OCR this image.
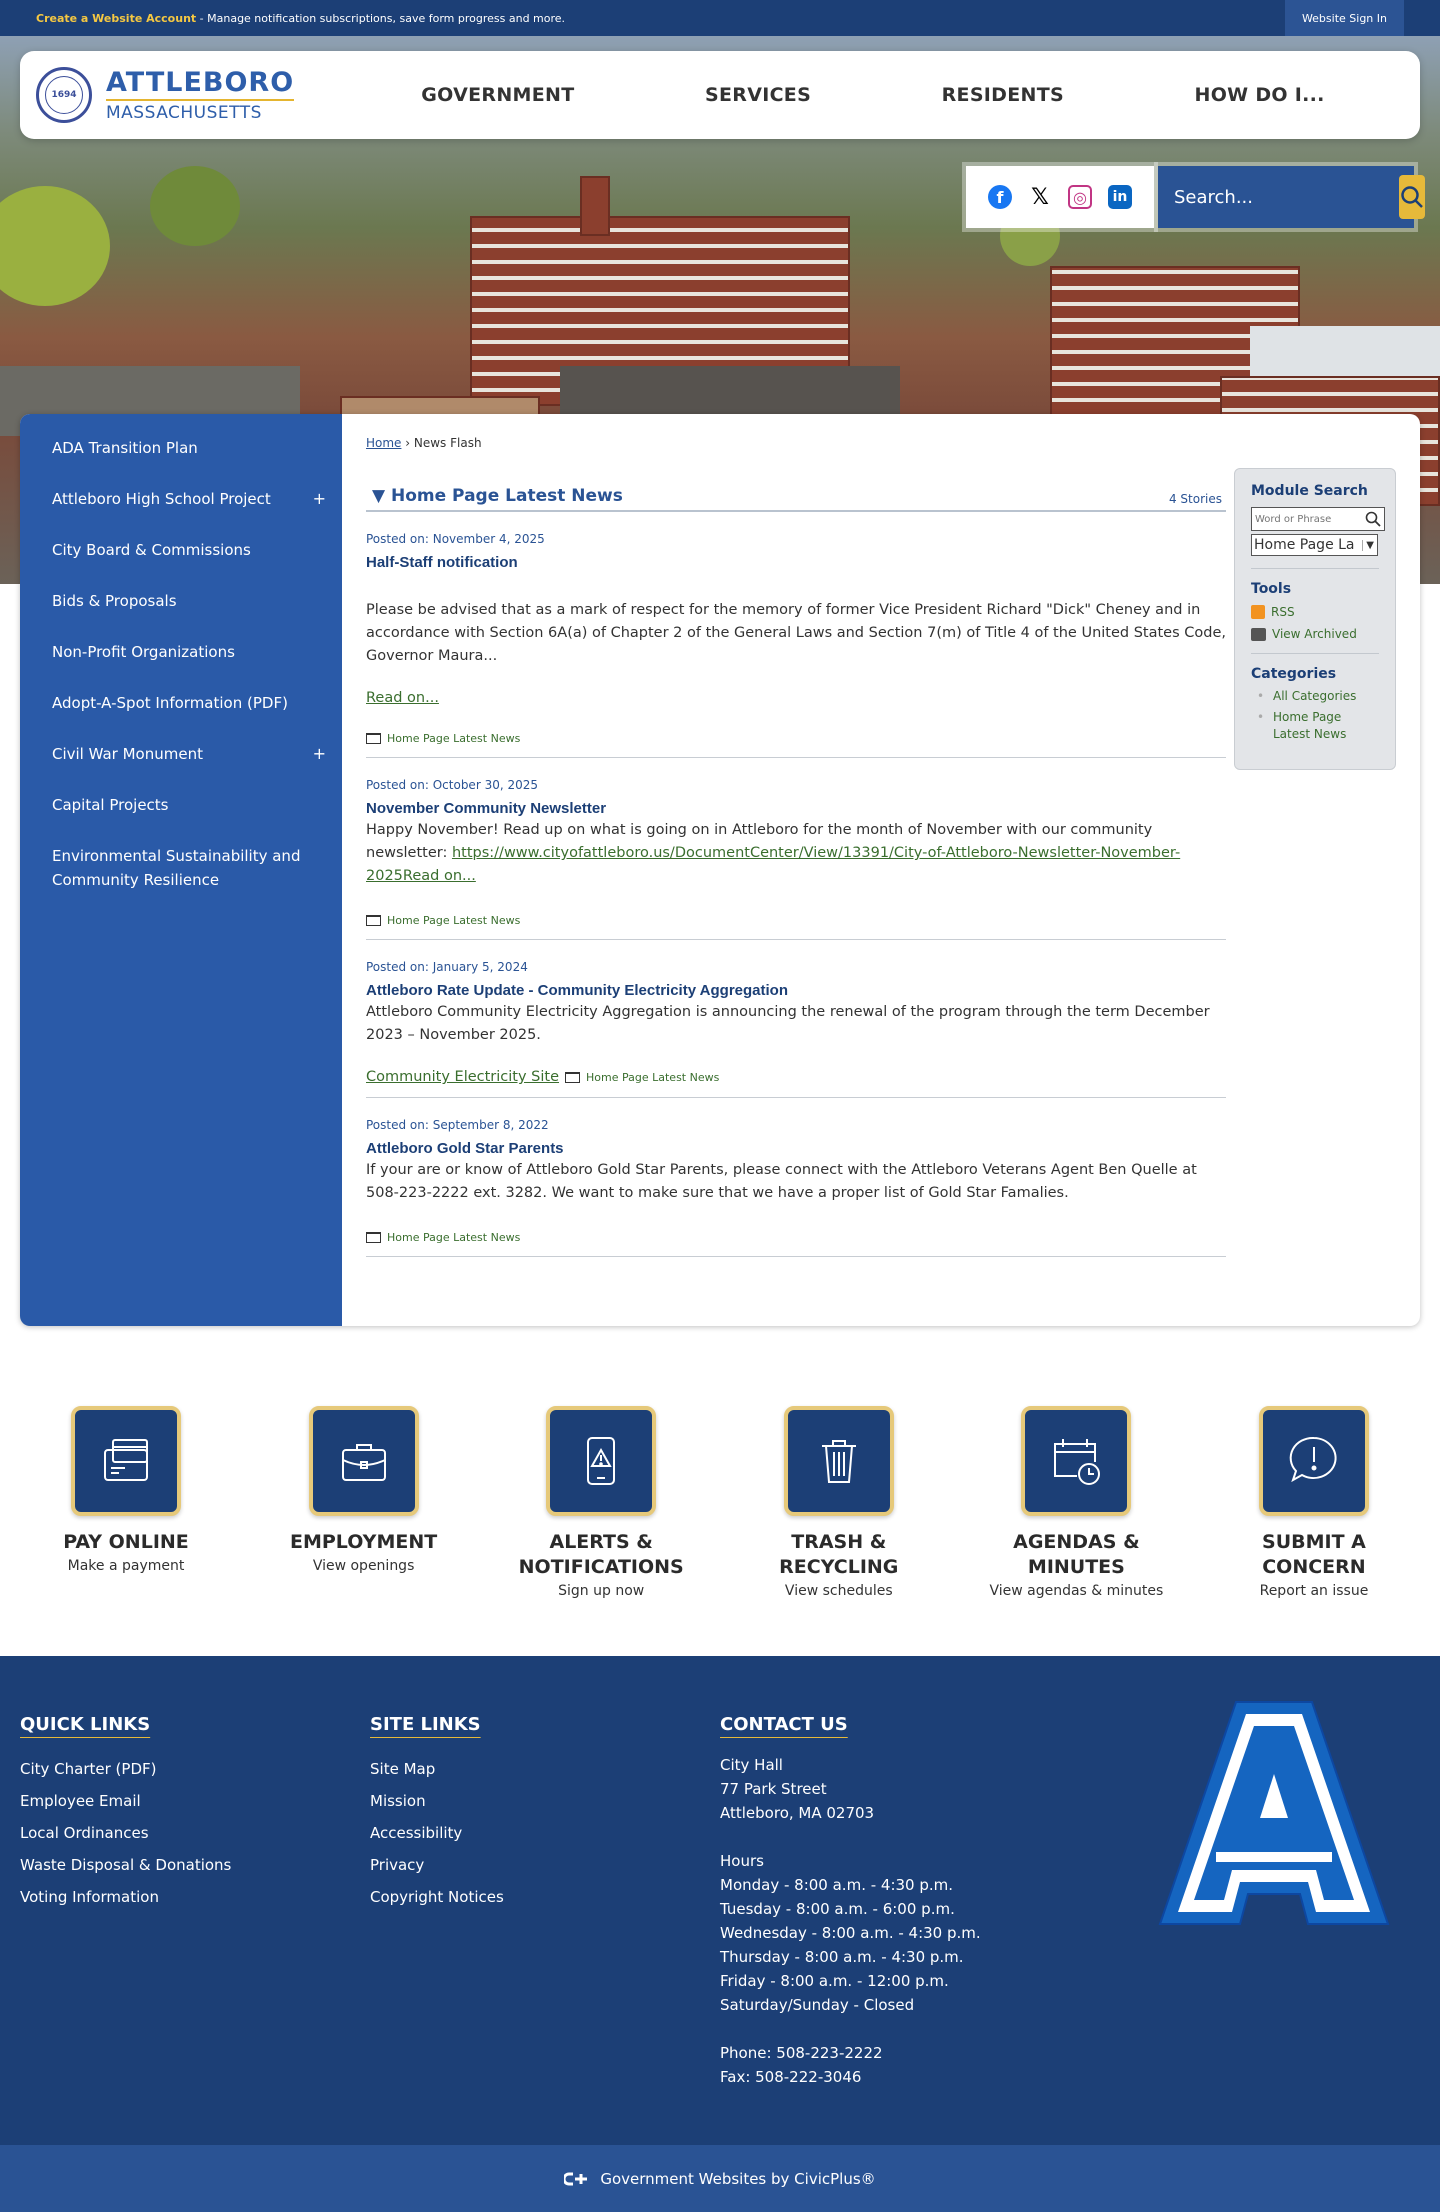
Create a Website Account - Manage notification subscriptions, save form progress and more.	Website Sign In
1694 ATTLEBORO
MASSACHUSETTS
GOVERNMENT	SERVICES	RESIDENTS	HOW DO I...
f	𝕏	◎	in
Search...
ADA Transition Plan
Attleboro High School Project	+
City Board & Commissions
Bids & Proposals
Non-Profit Organizations
Adopt-A-Spot Information (PDF)
Civil War Monument	+
Capital Projects
Environmental Sustainability and Community Resilience
Home › News Flash
▼ Home Page Latest News	4 Stories
Posted on: November 4, 2025
Half-Staff notification

Please be advised that as a mark of respect for the memory of former Vice President Richard "Dick" Cheney and in accordance with Section 6A(a) of Chapter 2 of the General Laws and Section 7(m) of Title 4 of the United States Code, Governor Maura...

Read on...
Home Page Latest News
Posted on: October 30, 2025
November Community Newsletter

Happy November! Read up on what is going on in Attleboro for the month of November with our community newsletter: https://www.cityofattleboro.us/DocumentCenter/View/13391/City-of-Attleboro-Newsletter-November-2025Read on...

Home Page Latest News
Posted on: January 5, 2024
Attleboro Rate Update - Community Electricity Aggregation

Attleboro Community Electricity Aggregation is announcing the renewal of the program through the term December 2023 – November 2025.

Community Electricity Site Home Page Latest News
Posted on: September 8, 2022
Attleboro Gold Star Parents

If your are or know of Attleboro Gold Star Parents, please connect with the Attleboro Veterans Agent Ben Quelle at 508-223-2222 ext. 3282. We want to make sure that we have a proper list of Gold Star Famalies.

Home Page Latest News
Module Search
Word or Phrase
Home Page La	▼
Tools
RSS
View Archived
Categories
• All Categories
• Home Page Latest News
PAY ONLINE
Make a payment
EMPLOYMENT
View openings
ALERTS & NOTIFICATIONS
Sign up now
TRASH & RECYCLING
View schedules
AGENDAS & MINUTES
View agendas & minutes
SUBMIT A CONCERN
Report an issue
QUICK LINKS
City Charter (PDF)
Employee Email
Local Ordinances
Waste Disposal & Donations
Voting Information
SITE LINKS
Site Map
Mission
Accessibility
Privacy
Copyright Notices
CONTACT US
City Hall
77 Park Street
Attleboro, MA 02703
Hours
Monday - 8:00 a.m. - 4:30 p.m.
Tuesday - 8:00 a.m. - 6:00 p.m.
Wednesday - 8:00 a.m. - 4:30 p.m.
Thursday - 8:00 a.m. - 4:30 p.m.
Friday - 8:00 a.m. - 12:00 p.m.
Saturday/Sunday - Closed
Phone: 508-223-2222
Fax: 508-222-3046
Government Websites by CivicPlus®
